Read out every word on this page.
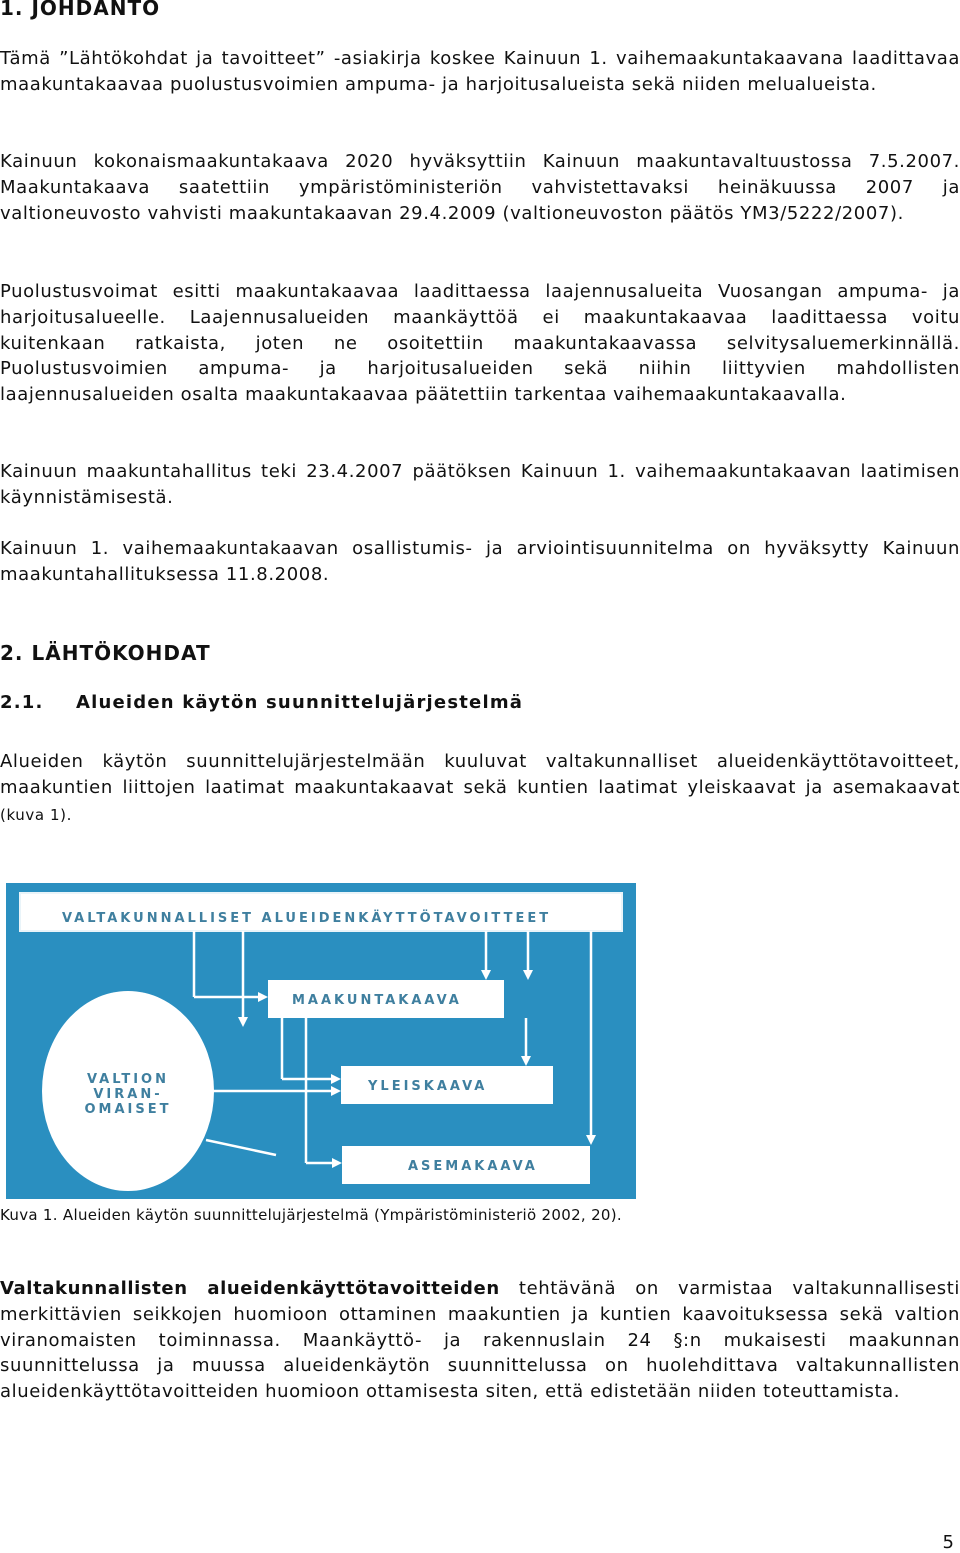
1. JOHDANTO

Tämä ”Lähtökohdat ja tavoitteet” -asiakirja koskee Kainuun 1. vaihemaakuntakaavana laadittavaa maakuntakaavaa puolustusvoimien ampuma- ja harjoitusalueista sekä niiden melualueista.

Kainuun kokonaismaakuntakaava 2020 hyväksyttiin Kainuun maakuntavaltuustossa 7.5.2007. Maakuntakaava saatettiin ympäristöministeriön vahvistettavaksi heinäkuussa 2007 ja valtioneuvosto vahvisti maakuntakaavan 29.4.2009 (valtioneuvoston päätös YM3/5222/2007).

Puolustusvoimat esitti maakuntakaavaa laadittaessa laajennusalueita Vuosangan ampuma- ja harjoitusalueelle. Laajennusalueiden maankäyttöä ei maakuntakaavaa laadittaessa voitu kuitenkaan ratkaista, joten ne osoitettiin maakuntakaavassa selvitysaluemerkinnällä. Puolustusvoimien ampuma- ja harjoitusalueiden sekä niihin liittyvien mahdollisten laajennusalueiden osalta maakuntakaavaa päätettiin tarkentaa vaihemaakuntakaavalla.

Kainuun maakuntahallitus teki 23.4.2007 päätöksen Kainuun 1. vaihemaakuntakaavan laatimisen käynnistämisestä.

Kainuun 1. vaihemaakuntakaavan osallistumis- ja arviointisuunnitelma on hyväksytty Kainuun maakuntahallituksessa 11.8.2008.

2. LÄHTÖKOHDAT

2.1. Alueiden käytön suunnittelujärjestelmä

Alueiden käytön suunnittelujärjestelmään kuuluvat valtakunnalliset alueidenkäyttötavoitteet, maakuntien liittojen laatimat maakuntakaavat sekä kuntien laatimat yleiskaavat ja asemakaavat (kuva 1).

VALTAKUNNALLISET ALUEIDENKÄYTTÖTAVOITTEET
MAAKUNTAKAAVA
YLEISKAAVA
ASEMAKAAVA
VALTION
VIRAN-
OMAISET

Kuva 1. Alueiden käytön suunnittelujärjestelmä (Ympäristöministeriö 2002, 20).

Valtakunnallisten alueidenkäyttötavoitteiden tehtävänä on varmistaa valtakunnallisesti merkittävien seikkojen huomioon ottaminen maakuntien ja kuntien kaavoituksessa sekä valtion viranomaisten toiminnassa. Maankäyttö- ja rakennuslain 24 §:n mukaisesti maakunnan suunnittelussa ja muussa alueidenkäytön suunnittelussa on huolehdittava valtakunnallisten alueidenkäyttötavoitteiden huomioon ottamisesta siten, että edistetään niiden toteuttamista.

5
